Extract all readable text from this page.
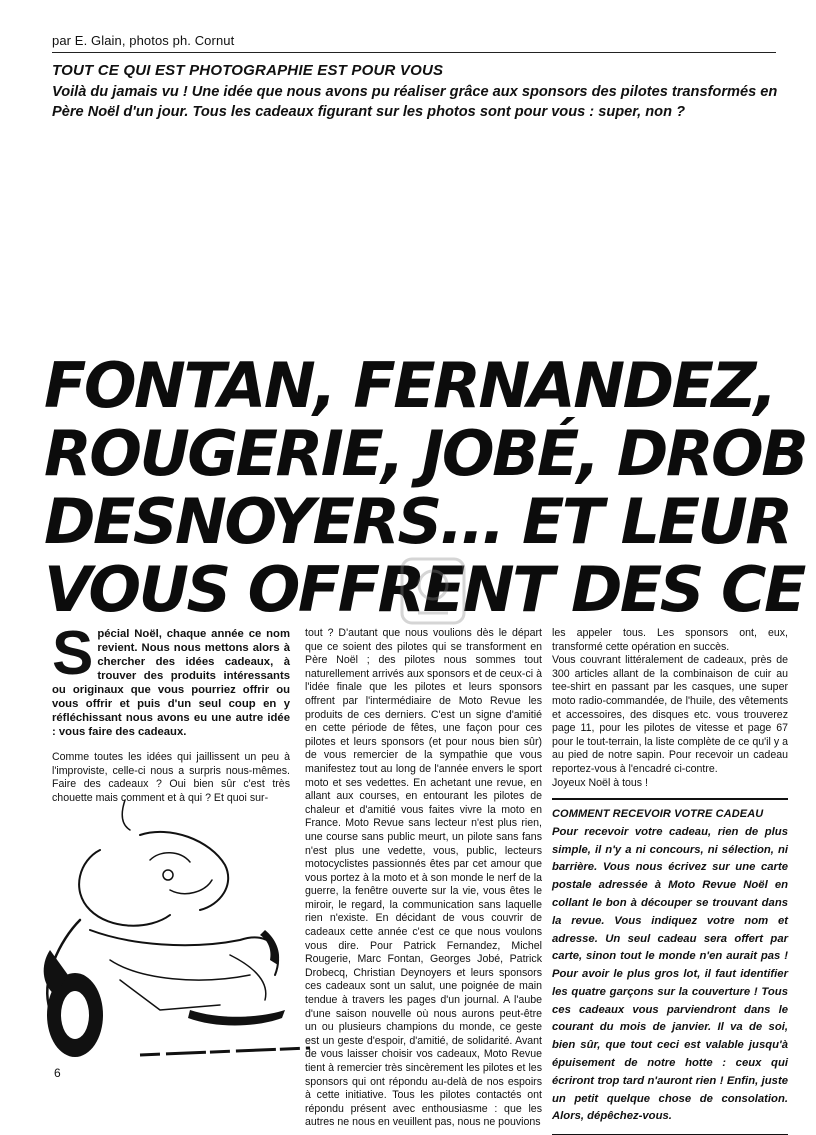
par E. Glain, photos ph. Cornut
TOUT CE QUI EST PHOTOGRAPHIE EST POUR VOUS
Voilà du jamais vu ! Une idée que nous avons pu réaliser grâce aux sponsors des pilotes transformés en Père Noël d'un jour. Tous les cadeaux figurant sur les photos sont pour vous : super, non ?
FONTAN, FERNANDEZ,
ROUGERIE, JOBÉ, DROB
DESNOYERS... ET LEUR
VOUS OFFRENT DES CE
Spécial Noël, chaque année ce nom revient. Nous nous mettons alors à chercher des idées cadeaux, à trouver des produits intéressants ou originaux que vous pourriez offrir ou vous offrir et puis d'un seul coup en y réfléchissant nous avons eu une autre idée : vous faire des cadeaux.

Comme toutes les idées qui jaillissent un peu à l'improviste, celle-ci nous a surpris nous-mêmes. Faire des cadeaux ? Oui bien sûr c'est très chouette mais comment et à qui ? Et quoi sur-

tout ? D'autant que nous voulions dès le départ que ce soient des pilotes qui se transforment en Père Noël ; des pilotes nous sommes tout naturellement arrivés aux sponsors et de ceux-ci à l'idée finale que les pilotes et leurs sponsors offrent par l'intermédiaire de Moto Revue les produits de ces derniers. C'est un signe d'amitié en cette période de fêtes, une façon pour ces pilotes et leurs sponsors (et pour nous bien sûr) de vous remercier de la sympathie que vous manifestez tout au long de l'année envers le sport moto et ses vedettes. En achetant une revue, en allant aux courses, en entourant les pilotes de chaleur et d'amitié vous faites vivre la moto en France. Moto Revue sans lecteur n'est plus rien, une course sans public meurt, un pilote sans fans n'est plus une vedette, vous, public, lecteurs motocyclistes passionnés êtes par cet amour que vous portez à la moto et à son monde le nerf de la guerre, la fenêtre ouverte sur la vie, vous êtes le miroir, le regard, la communication sans laquelle rien n'existe. En décidant de vous couvrir de cadeaux cette année c'est ce que nous voulons vous dire. Pour Patrick Fernandez, Michel Rougerie, Marc Fontan, Georges Jobé, Patrick Drobecq, Christian Deynoyers et leurs sponsors ces cadeaux sont un salut, une poignée de main tendue à travers les pages d'un journal. A l'aube d'une saison nouvelle où nous aurons peut-être un ou plusieurs champions du monde, ce geste est un geste d'espoir, d'amitié, de solidarité. Avant de vous laisser choisir vos cadeaux, Moto Revue tient à remercier très sincèrement les pilotes et les sponsors qui ont répondu au-delà de nos espoirs à cette initiative. Tous les pilotes contactés ont répondu présent avec enthousiasme : que les autres ne nous en veuillent pas, nous ne pouvions

les appeler tous. Les sponsors ont, eux, transformé cette opération en succès.

Vous couvrant littéralement de cadeaux, près de 300 articles allant de la combinaison de cuir au tee-shirt en passant par les casques, une super moto radio-commandée, de l'huile, des vêtements et accessoires, des disques etc. vous trouverez page 11, pour les pilotes de vitesse et page 67 pour le tout-terrain, la liste complète de ce qu'il y a au pied de notre sapin. Pour recevoir un cadeau reportez-vous à l'encadré ci-contre.

Joyeux Noël à tous !

COMMENT RECEVOIR VOTRE CADEAU
Pour recevoir votre cadeau, rien de plus simple, il n'y a ni concours, ni sélection, ni barrière. Vous nous écrivez sur une carte postale adressée à Moto Revue Noël en collant le bon à découper se trouvant dans la revue. Vous indiquez votre nom et adresse. Un seul cadeau sera offert par carte, sinon tout le monde n'en aurait pas ! Pour avoir le plus gros lot, il faut identifier les quatre garçons sur la couverture ! Tous ces cadeaux vous parviendront dans le courant du mois de janvier. Il va de soi, bien sûr, que tout ceci est valable jusqu'à épuisement de notre hotte : ceux qui écriront trop tard n'auront rien ! Enfin, juste un petit quelque chose de consolation. Alors, dépêchez-vous.
6
